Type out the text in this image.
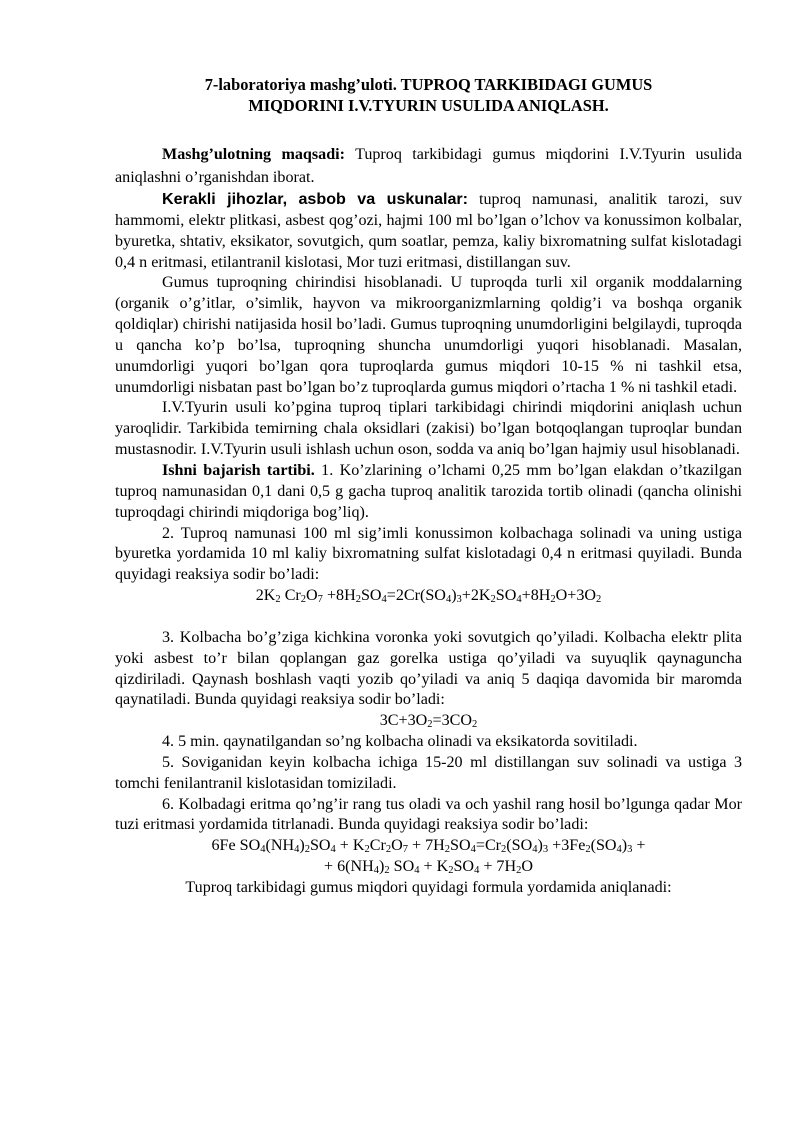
7-laboratoriya mashg’uloti. TUPROQ TARKIBIDAGI GUMUS
MIQDORINI I.V.TYURIN USULIDA ANIQLASH.

Mashg’ulotning maqsadi: Tuproq tarkibidagi gumus miqdorini I.V.Tyurin usulida aniqlashni o’rganishdan iborat.

Kerakli jihozlar, asbob va uskunalar: tuproq namunasi, analitik tarozi, suv hammomi, elektr plitkasi, asbest qog’ozi, hajmi 100 ml bo’lgan o’lchov va konussimon kolbalar, byuretka, shtativ, eksikator, sovutgich, qum soatlar, pemza, kaliy bixromatning sulfat kislotadagi 0,4 n eritmasi, etilantranil kislotasi, Mor tuzi eritmasi, distillangan suv.

Gumus tuproqning chirindisi hisoblanadi. U tuproqda turli xil organik moddalarning (organik o’g’itlar, o’simlik, hayvon va mikroorganizmlarning qoldig’i va boshqa organik qoldiqlar) chirishi natijasida hosil bo’ladi. Gumus tuproqning unumdorligini belgilaydi, tuproqda u qancha ko’p bo’lsa, tuproqning shuncha unumdorligi yuqori hisoblanadi. Masalan, unumdorligi yuqori bo’lgan qora tuproqlarda gumus miqdori 10-15 % ni tashkil etsa, unumdorligi nisbatan past bo’lgan bo’z tuproqlarda gumus miqdori o’rtacha 1 % ni tashkil etadi.

I.V.Tyurin usuli ko’pgina tuproq tiplari tarkibidagi chirindi miqdorini aniqlash uchun yaroqlidir. Tarkibida temirning chala oksidlari (zakisi) bo’lgan botqoqlangan tuproqlar bundan mustasnodir. I.V.Tyurin usuli ishlash uchun oson, sodda va aniq bo’lgan hajmiy usul hisoblanadi.

Ishni bajarish tartibi. 1. Ko’zlarining o’lchami 0,25 mm bo’lgan elakdan o’tkazilgan tuproq namunasidan 0,1 dani 0,5 g gacha tuproq analitik tarozida tortib olinadi (qancha olinishi tuproqdagi chirindi miqdoriga bog’liq).

2. Tuproq namunasi 100 ml sig’imli konussimon kolbachaga solinadi va uning ustiga byuretka yordamida 10 ml kaliy bixromatning sulfat kislotadagi 0,4 n eritmasi quyiladi. Bunda quyidagi reaksiya sodir bo’ladi:

$2K_2$ $Cr_2O_7 +8H_2SO_4=2Cr(SO_4)_3+2K_2SO_4+8H_2O+3O_2$

3. Kolbacha bo’g’ziga kichkina voronka yoki sovutgich qo’yiladi. Kolbacha elektr plita yoki asbest to’r bilan qoplangan gaz gorelka ustiga qo’yiladi va suyuqlik qaynaguncha qizdiriladi. Qaynash boshlash vaqti yozib qo’yiladi va aniq 5 daqiqa davomida bir maromda qaynatiladi. Bunda quyidagi reaksiya sodir bo’ladi:

$3C+3O_2=3CO_2$

4. 5 min. qaynatilgandan so’ng kolbacha olinadi va eksikatorda sovitiladi.

5. Soviganidan keyin kolbacha ichiga 15-20 ml distillangan suv solinadi va ustiga 3 tomchi fenilantranil kislotasidan tomiziladi.

6. Kolbadagi eritma qo’ng’ir rang tus oladi va och yashil rang hosil bo’lgunga qadar Mor tuzi eritmasi yordamida titrlanadi. Bunda quyidagi reaksiya sodir bo’ladi:

6Fe $SO_4(NH_4)_2SO_4 + K_2Cr_2O_7 + 7H_2SO_4=Cr_2(SO_4)_3 +3Fe_2(SO_4)_3$ +

+ $6(NH_4)_2$ $SO_4 + K_2SO_4 + 7H_2O$

Tuproq tarkibidagi gumus miqdori quyidagi formula yordamida aniqlanadi:
